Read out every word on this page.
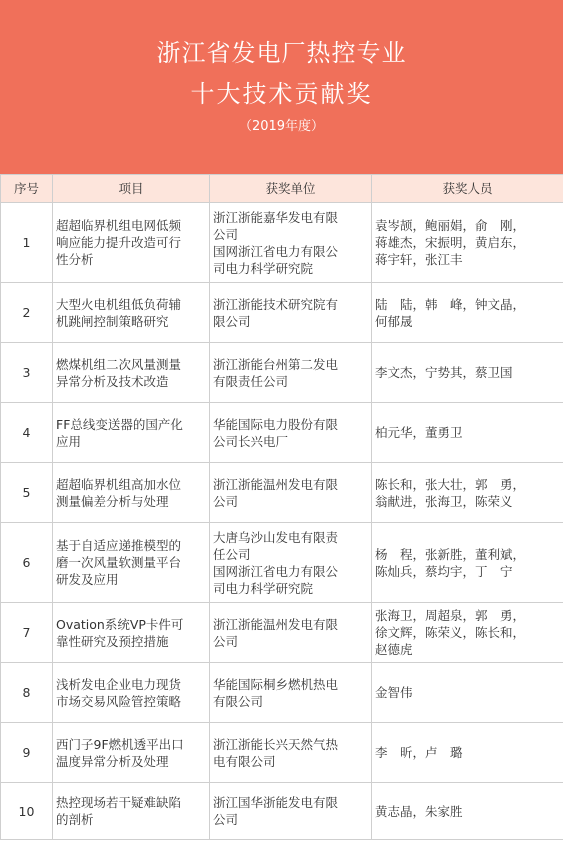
浙江省发电厂热控专业
十大技术贡献奖
（2019年度）
序号	项目	获奖单位	获奖人员
1	超超临界机组电网低频
响应能力提升改造可行
性分析	浙江浙能嘉华发电有限
公司
国网浙江省电力有限公
司电力科学研究院	袁岑颉，鲍丽娟，俞　刚，
蒋雄杰，宋振明，黄启东，
蒋宇轩，张江丰

2	大型火电机组低负荷辅
机跳闸控制策略研究	浙江浙能技术研究院有
限公司	陆　陆，韩　峰，钟文晶，
何郁晟

3	燃煤机组二次风量测量
异常分析及技术改造	浙江浙能台州第二发电
有限责任公司	李文杰，宁势其，蔡卫国

4	FF总线变送器的国产化
应用	华能国际电力股份有限
公司长兴电厂	柏元华，董勇卫

5	超超临界机组高加水位
测量偏差分析与处理	浙江浙能温州发电有限
公司	陈长和，张大壮，郭　勇，
翁献进，张海卫，陈荣义

6	基于自适应递推模型的
磨一次风量软测量平台
研发及应用	大唐乌沙山发电有限责
任公司
国网浙江省电力有限公
司电力科学研究院	杨　程，张新胜，董利斌，
陈灿兵，蔡均宇，丁　宁

7	Ovation系统VP卡件可
靠性研究及预控措施	浙江浙能温州发电有限
公司	张海卫，周超泉，郭　勇，
徐文辉，陈荣义，陈长和，
赵德虎

8	浅析发电企业电力现货
市场交易风险管控策略	华能国际桐乡燃机热电
有限公司	金智伟

9	西门子9F燃机透平出口
温度异常分析及处理	浙江浙能长兴天然气热
电有限公司	李　昕，卢　璐

10	热控现场若干疑难缺陷
的剖析	浙江国华浙能发电有限
公司	黄志晶，朱家胜
